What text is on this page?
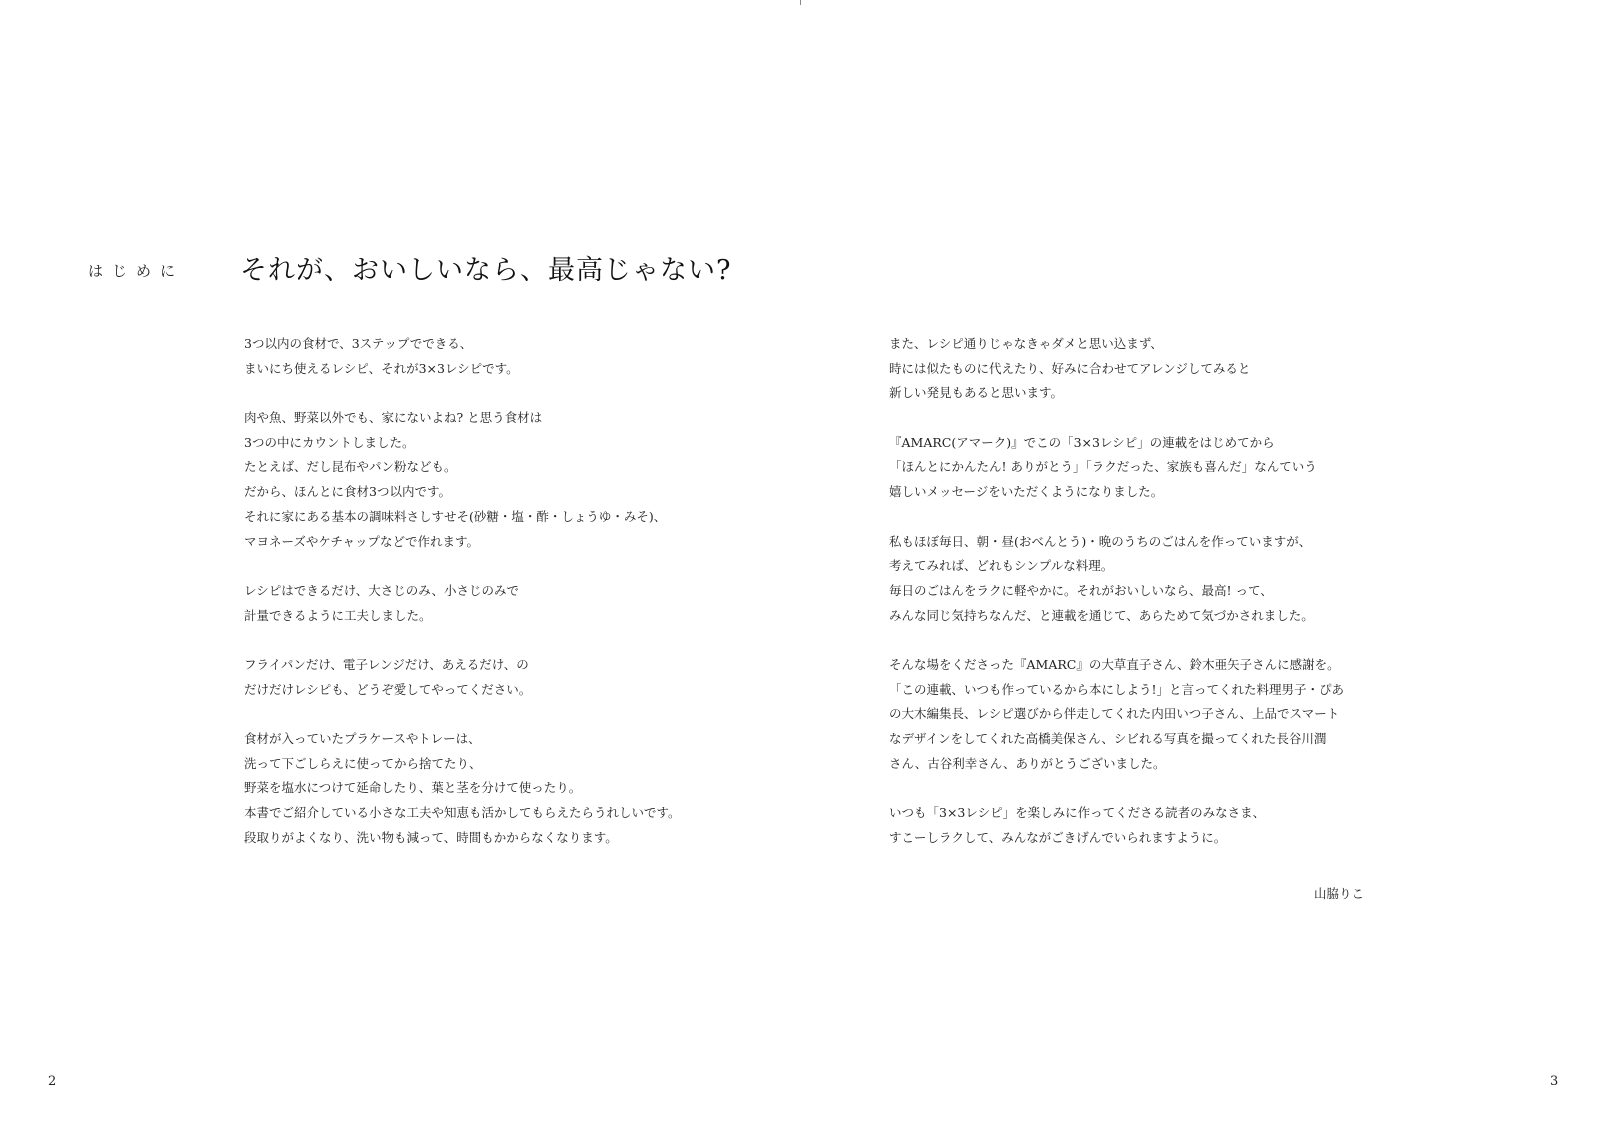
はじめに それが、おいしいなら、最高じゃない?
3つ以内の食材で、3ステップでできる、
まいにち使えるレシピ、それが3×3レシピです。
肉や魚、野菜以外でも、家にないよね? と思う食材は
3つの中にカウントしました。
たとえば、だし昆布やパン粉なども。
だから、ほんとに食材3つ以内です。
それに家にある基本の調味料さしすせそ(砂糖・塩・酢・しょうゆ・みそ)、
マヨネーズやケチャップなどで作れます。
レシピはできるだけ、大さじのみ、小さじのみで
計量できるように工夫しました。
フライパンだけ、電子レンジだけ、あえるだけ、の
だけだけレシピも、どうぞ愛してやってください。
食材が入っていたプラケースやトレーは、
洗って下ごしらえに使ってから捨てたり、
野菜を塩水につけて延命したり、葉と茎を分けて使ったり。
本書でご紹介している小さな工夫や知恵も活かしてもらえたらうれしいです。
段取りがよくなり、洗い物も減って、時間もかからなくなります。
また、レシピ通りじゃなきゃダメと思い込まず、
時には似たものに代えたり、好みに合わせてアレンジしてみると
新しい発見もあると思います。
『AMARC(アマーク)』でこの「3×3レシピ」の連載をはじめてから
「ほんとにかんたん! ありがとう」「ラクだった、家族も喜んだ」なんていう
嬉しいメッセージをいただくようになりました。
私もほぼ毎日、朝・昼(おべんとう)・晩のうちのごはんを作っていますが、
考えてみれば、どれもシンプルな料理。
毎日のごはんをラクに軽やかに。それがおいしいなら、最高! って、
みんな同じ気持ちなんだ、と連載を通じて、あらためて気づかされました。
そんな場をくださった『AMARC』の大草直子さん、鈴木亜矢子さんに感謝を。
「この連載、いつも作っているから本にしよう!」と言ってくれた料理男子・ぴあ
の大木編集長、レシピ選びから伴走してくれた内田いつ子さん、上品でスマート
なデザインをしてくれた高橋美保さん、シビれる写真を撮ってくれた長谷川潤
さん、古谷利幸さん、ありがとうございました。
いつも「3×3レシピ」を楽しみに作ってくださる読者のみなさま、
すこーしラクして、みんながごきげんでいられますように。
山脇りこ
2	3
